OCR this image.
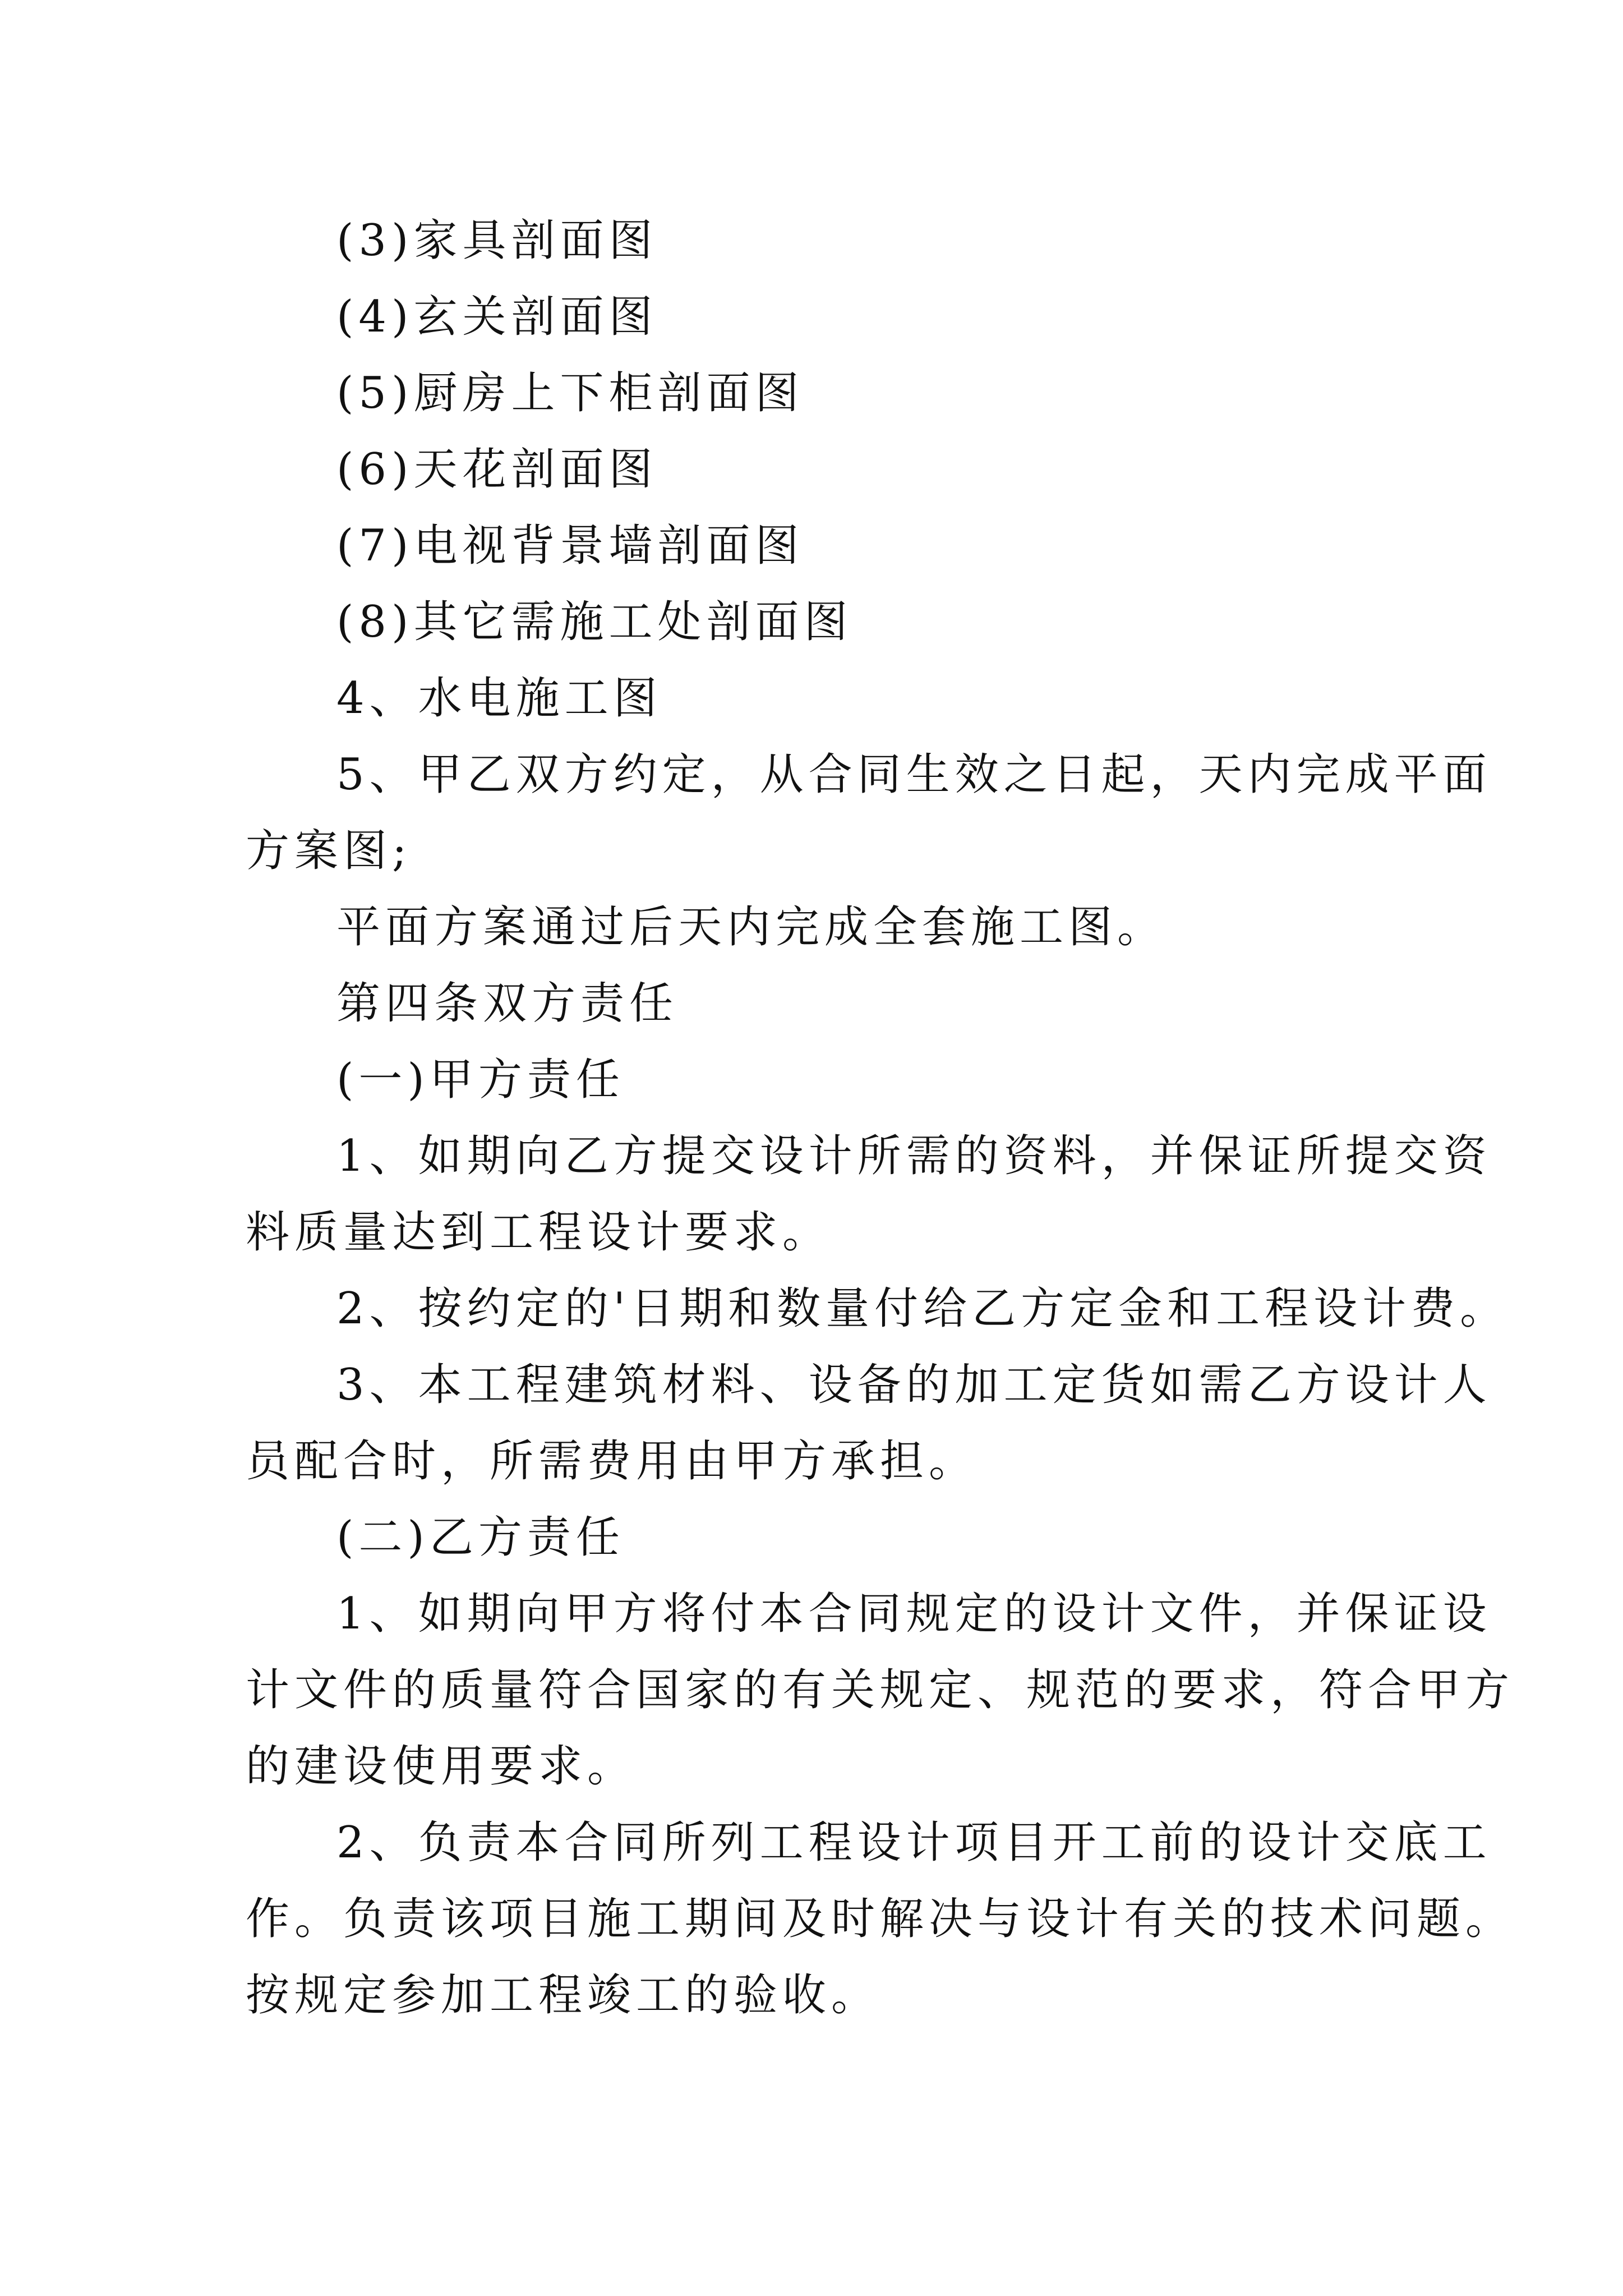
(3)家具剖面图
(4)玄关剖面图
(5)厨房上下柜剖面图
(6)天花剖面图
(7)电视背景墙剖面图
(8)其它需施工处剖面图
4、水电施工图
5、甲乙双方约定，从合同生效之日起，天内完成平面
方案图;
平面方案通过后天内完成全套施工图。
第四条双方责任
(一)甲方责任
1、如期向乙方提交设计所需的资料，并保证所提交资
料质量达到工程设计要求。
2、按约定的'日期和数量付给乙方定金和工程设计费。
3、本工程建筑材料、设备的加工定货如需乙方设计人
员配合时，所需费用由甲方承担。
(二)乙方责任
1、如期向甲方将付本合同规定的设计文件，并保证设
计文件的质量符合国家的有关规定、规范的要求，符合甲方
的建设使用要求。
2、负责本合同所列工程设计项目开工前的设计交底工
作。负责该项目施工期间及时解决与设计有关的技术问题。
按规定参加工程竣工的验收。
